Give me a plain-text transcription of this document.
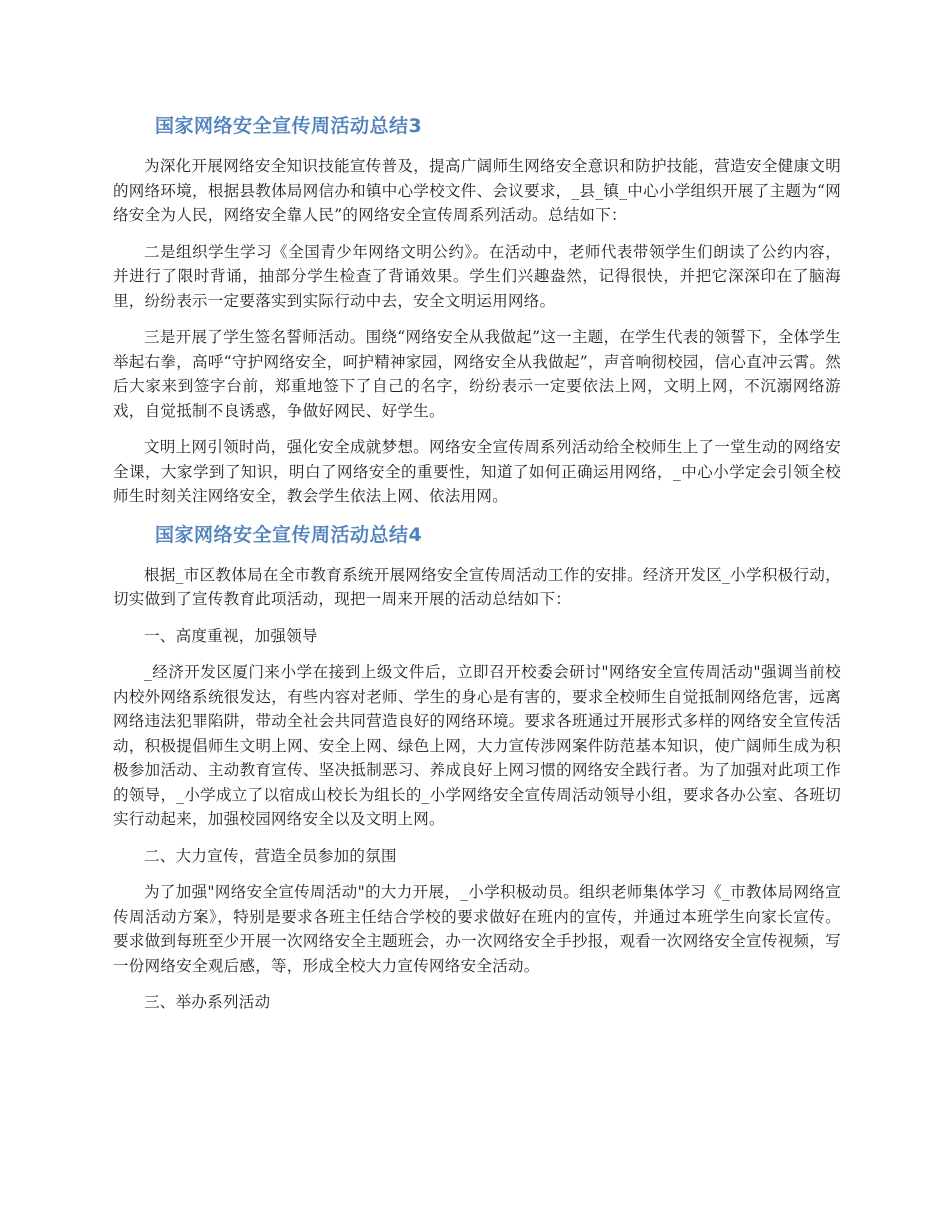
国家网络安全宣传周活动总结3

为深化开展网络安全知识技能宣传普及，提高广阔师生网络安全意识和防护技能，营造安全健康文明的网络环境，根据县教体局网信办和镇中心学校文件、会议要求，_县_镇_中心小学组织开展了主题为“网络安全为人民，网络安全靠人民”的网络安全宣传周系列活动。总结如下：

二是组织学生学习《全国青少年网络文明公约》。在活动中，老师代表带领学生们朗读了公约内容，并进行了限时背诵，抽部分学生检查了背诵效果。学生们兴趣盎然，记得很快，并把它深深印在了脑海里，纷纷表示一定要落实到实际行动中去，安全文明运用网络。

三是开展了学生签名誓师活动。围绕“网络安全从我做起”这一主题，在学生代表的领誓下，全体学生举起右拳，高呼“守护网络安全，呵护精神家园，网络安全从我做起”，声音响彻校园，信心直冲云霄。然后大家来到签字台前，郑重地签下了自己的名字，纷纷表示一定要依法上网，文明上网，不沉溺网络游戏，自觉抵制不良诱惑，争做好网民、好学生。

文明上网引领时尚，强化安全成就梦想。网络安全宣传周系列活动给全校师生上了一堂生动的网络安全课，大家学到了知识，明白了网络安全的重要性，知道了如何正确运用网络，_中心小学定会引领全校师生时刻关注网络安全，教会学生依法上网、依法用网。

国家网络安全宣传周活动总结4

根据_市区教体局在全市教育系统开展网络安全宣传周活动工作的安排。经济开发区_小学积极行动，切实做到了宣传教育此项活动，现把一周来开展的活动总结如下：

一、高度重视，加强领导

_经济开发区厦门来小学在接到上级文件后，立即召开校委会研讨"网络安全宣传周活动"强调当前校内校外网络系统很发达，有些内容对老师、学生的身心是有害的，要求全校师生自觉抵制网络危害，远离网络违法犯罪陷阱，带动全社会共同营造良好的网络环境。要求各班通过开展形式多样的网络安全宣传活动，积极提倡师生文明上网、安全上网、绿色上网，大力宣传涉网案件防范基本知识，使广阔师生成为积极参加活动、主动教育宣传、坚决抵制恶习、养成良好上网习惯的网络安全践行者。为了加强对此项工作的领导，_小学成立了以宿成山校长为组长的_小学网络安全宣传周活动领导小组，要求各办公室、各班切实行动起来，加强校园网络安全以及文明上网。

二、大力宣传，营造全员参加的氛围

为了加强"网络安全宣传周活动"的大力开展，_小学积极动员。组织老师集体学习《_市教体局网络宣传周活动方案》，特别是要求各班主任结合学校的要求做好在班内的宣传，并通过本班学生向家长宣传。要求做到每班至少开展一次网络安全主题班会，办一次网络安全手抄报，观看一次网络安全宣传视频，写一份网络安全观后感，等，形成全校大力宣传网络安全活动。

三、举办系列活动
